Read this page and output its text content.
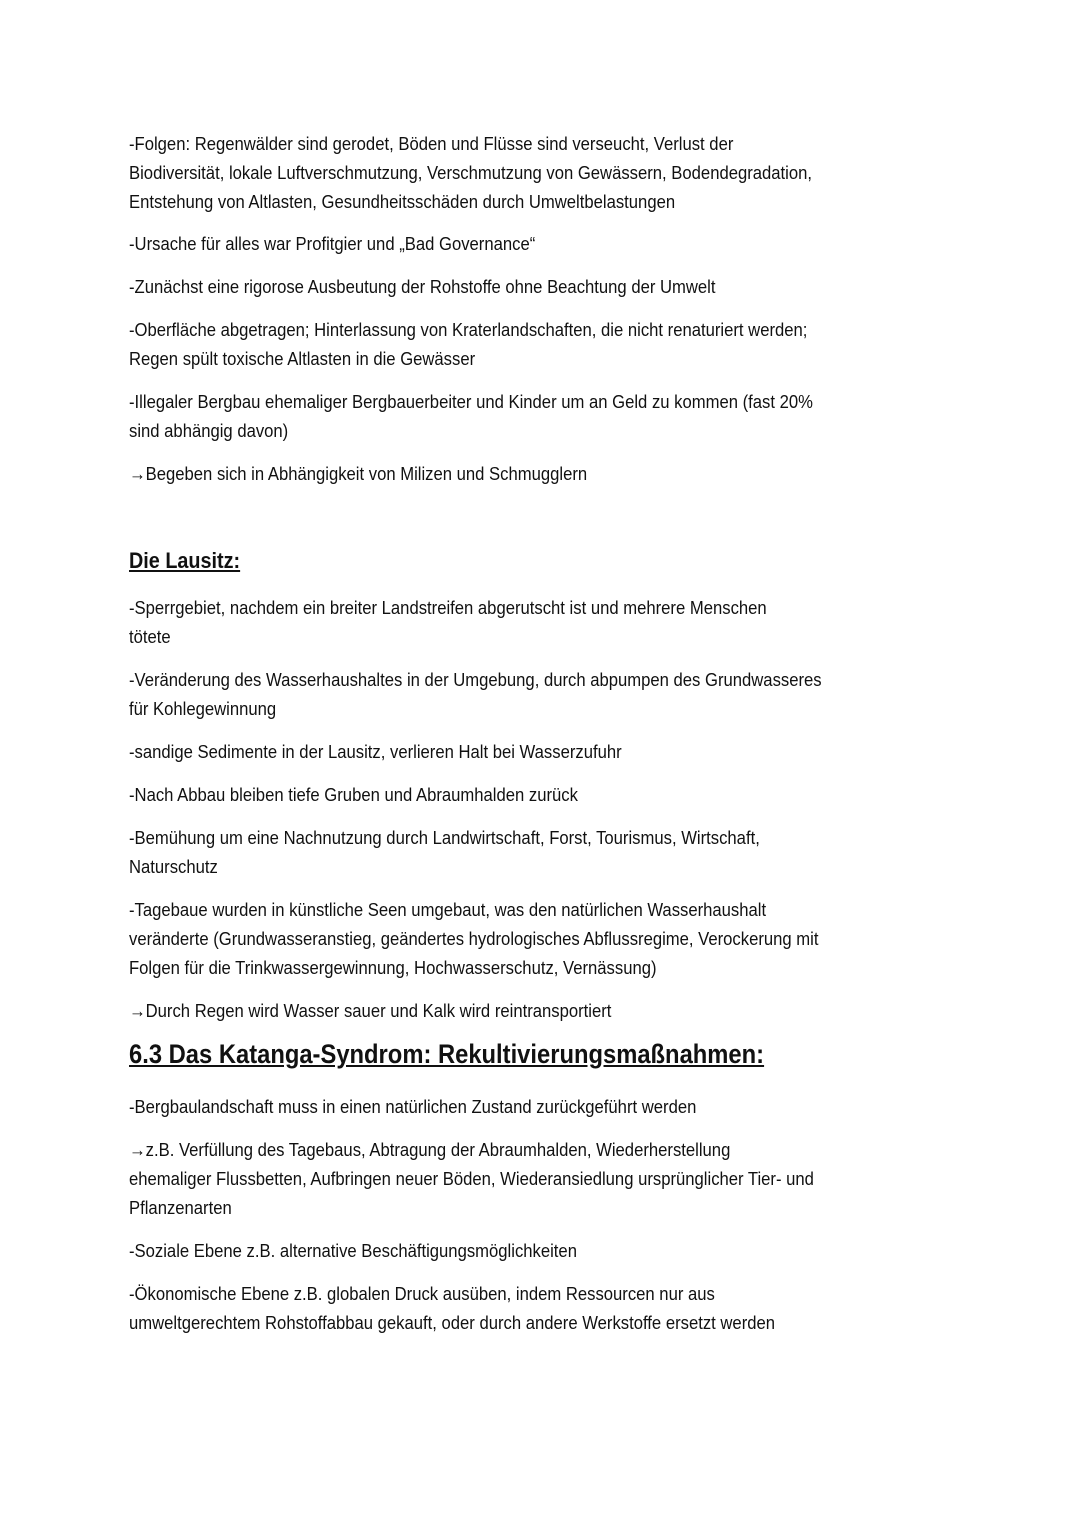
-Folgen: Regenwälder sind gerodet, Böden und Flüsse sind verseucht, Verlust der
Biodiversität, lokale Luftverschmutzung, Verschmutzung von Gewässern, Bodendegradation,
Entstehung von Altlasten, Gesundheitsschäden durch Umweltbelastungen
-Ursache für alles war Profitgier und „Bad Governance“
-Zunächst eine rigorose Ausbeutung der Rohstoffe ohne Beachtung der Umwelt
-Oberfläche abgetragen; Hinterlassung von Kraterlandschaften, die nicht renaturiert werden;
Regen spült toxische Altlasten in die Gewässer
-Illegaler Bergbau ehemaliger Bergbauerbeiter und Kinder um an Geld zu kommen (fast 20%
sind abhängig davon)
→Begeben sich in Abhängigkeit von Milizen und Schmugglern
Die Lausitz:
-Sperrgebiet, nachdem ein breiter Landstreifen abgerutscht ist und mehrere Menschen
tötete
-Veränderung des Wasserhaushaltes in der Umgebung, durch abpumpen des Grundwasseres
für Kohlegewinnung
-sandige Sedimente in der Lausitz, verlieren Halt bei Wasserzufuhr
-Nach Abbau bleiben tiefe Gruben und Abraumhalden zurück
-Bemühung um eine Nachnutzung durch Landwirtschaft, Forst, Tourismus, Wirtschaft,
Naturschutz
-Tagebaue wurden in künstliche Seen umgebaut, was den natürlichen Wasserhaushalt
veränderte (Grundwasseranstieg, geändertes hydrologisches Abflussregime, Verockerung mit
Folgen für die Trinkwassergewinnung, Hochwasserschutz, Vernässung)
→Durch Regen wird Wasser sauer und Kalk wird reintransportiert
6.3 Das Katanga-Syndrom: Rekultivierungsmaßnahmen:
-Bergbaulandschaft muss in einen natürlichen Zustand zurückgeführt werden
→z.B. Verfüllung des Tagebaus, Abtragung der Abraumhalden, Wiederherstellung
ehemaliger Flussbetten, Aufbringen neuer Böden, Wiederansiedlung ursprünglicher Tier- und
Pflanzenarten
-Soziale Ebene z.B. alternative Beschäftigungsmöglichkeiten
-Ökonomische Ebene z.B. globalen Druck ausüben, indem Ressourcen nur aus
umweltgerechtem Rohstoffabbau gekauft, oder durch andere Werkstoffe ersetzt werden
